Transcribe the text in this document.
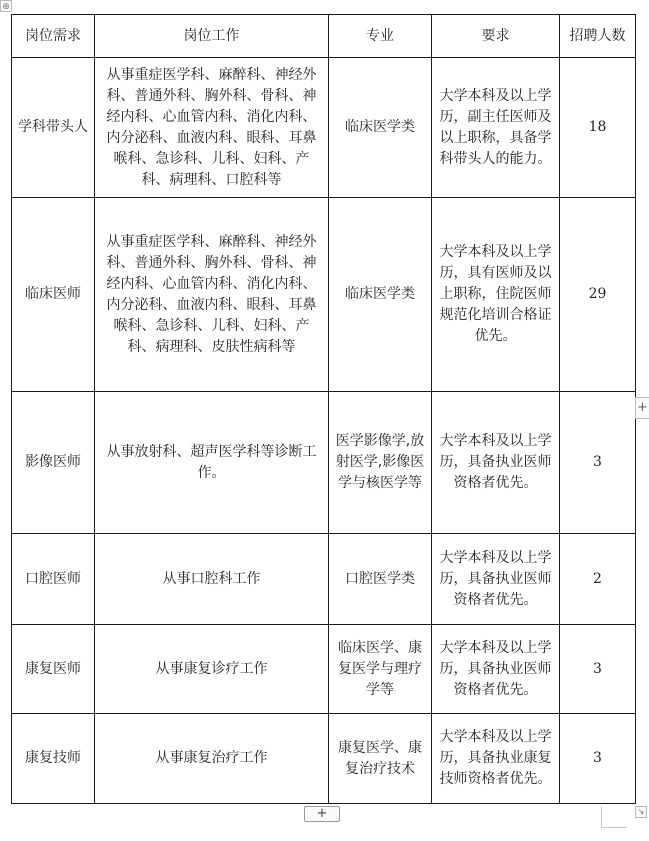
⊕
岗位需求	岗位工作	专业	要求	招聘人数
学科带头人	从事重症医学科、麻醉科、神经外科、普通外科、胸外科、骨科、神经内科、心血管内科、消化内科、内分泌科、血液内科、眼科、耳鼻喉科、急诊科、儿科、妇科、产科、病理科、口腔科等	临床医学类	大学本科及以上学历，副主任医师及以上职称，具备学科带头人的能力。	18
临床医师	从事重症医学科、麻醉科、神经外科、普通外科、胸外科、骨科、神经内科、心血管内科、消化内科、内分泌科、血液内科、眼科、耳鼻喉科、急诊科、儿科、妇科、产科、病理科、皮肤性病科等	临床医学类	大学本科及以上学历，具有医师及以上职称，住院医师规范化培训合格证优先。	29
影像医师	从事放射科、超声医学科等诊断工作。	医学影像学,放射医学,影像医学与核医学等	大学本科及以上学历，具备执业医师资格者优先。	3
口腔医师	从事口腔科工作	口腔医学类	大学本科及以上学历，具备执业医师资格者优先。	2
康复医师	从事康复诊疗工作	临床医学、康复医学与理疗学等	大学本科及以上学历，具备执业医师资格者优先。	3
康复技师	从事康复治疗工作	康复医学、康复治疗技术	大学本科及以上学历，具备执业康复技师资格者优先。	3
+
+	↘
